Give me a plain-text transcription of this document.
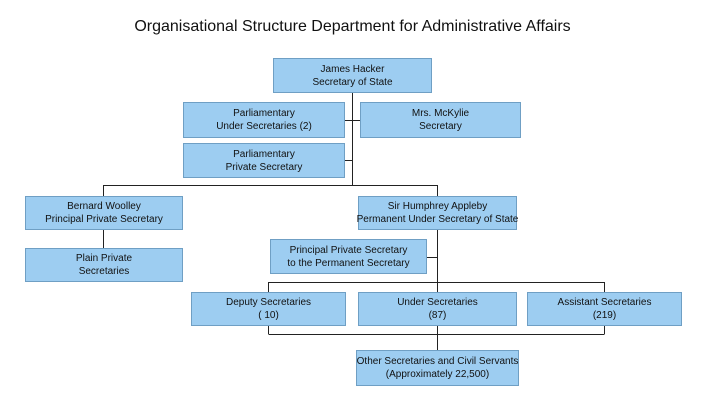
Organisational Structure Department for Administrative Affairs
James Hacker
Secretary of State
Parliamentary
Under Secretaries (2)
Mrs. McKylie
Secretary
Parliamentary
Private Secretary
Bernard Woolley
Principal Private Secretary
Sir Humphrey Appleby
Permanent Under Secretary of State
Plain Private
Secretaries
Principal Private Secretary
to the Permanent Secretary
Deputy Secretaries
( 10)
Under Secretaries
(87)
Assistant Secretaries
(219)
Other Secretaries and Civil Servants
(Approximately 22,500)
